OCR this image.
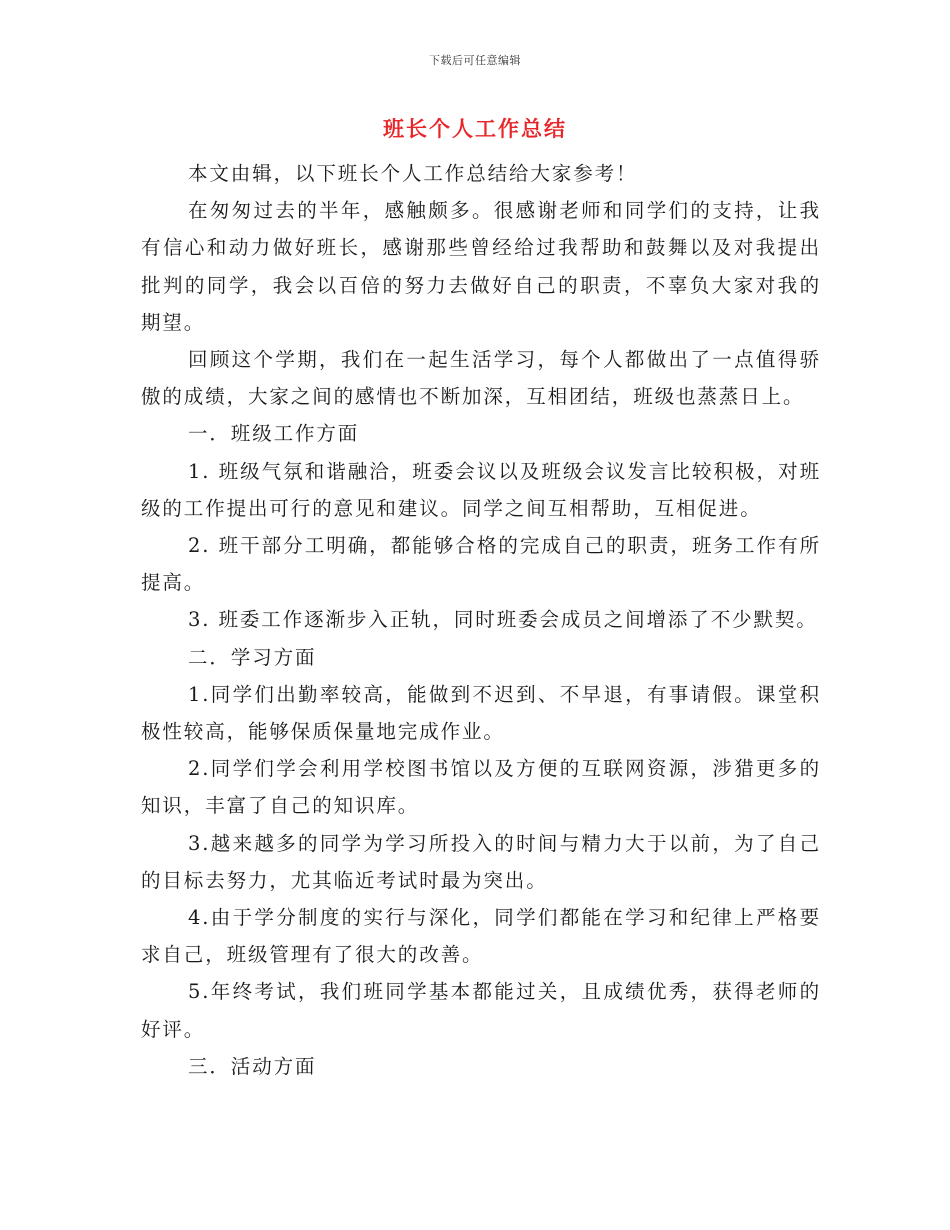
下载后可任意编辑
班长个人工作总结

本文由辑，以下班长个人工作总结给大家参考！

在匆匆过去的半年，感触颇多。很感谢老师和同学们的支持，让我有信心和动力做好班长，感谢那些曾经给过我帮助和鼓舞以及对我提出批判的同学，我会以百倍的努力去做好自己的职责，不辜负大家对我的期望。

回顾这个学期，我们在一起生活学习，每个人都做出了一点值得骄傲的成绩，大家之间的感情也不断加深，互相团结，班级也蒸蒸日上。

一．班级工作方面

1. 班级气氛和谐融洽，班委会议以及班级会议发言比较积极，对班级的工作提出可行的意见和建议。同学之间互相帮助，互相促进。

2. 班干部分工明确，都能够合格的完成自己的职责，班务工作有所提高。

3. 班委工作逐渐步入正轨，同时班委会成员之间增添了不少默契。

二．学习方面

1.同学们出勤率较高，能做到不迟到、不早退，有事请假。课堂积极性较高，能够保质保量地完成作业。

2.同学们学会利用学校图书馆以及方便的互联网资源，涉猎更多的知识，丰富了自己的知识库。

3.越来越多的同学为学习所投入的时间与精力大于以前，为了自己的目标去努力，尤其临近考试时最为突出。

4.由于学分制度的实行与深化，同学们都能在学习和纪律上严格要求自己，班级管理有了很大的改善。

5.年终考试，我们班同学基本都能过关，且成绩优秀，获得老师的好评。

三．活动方面
